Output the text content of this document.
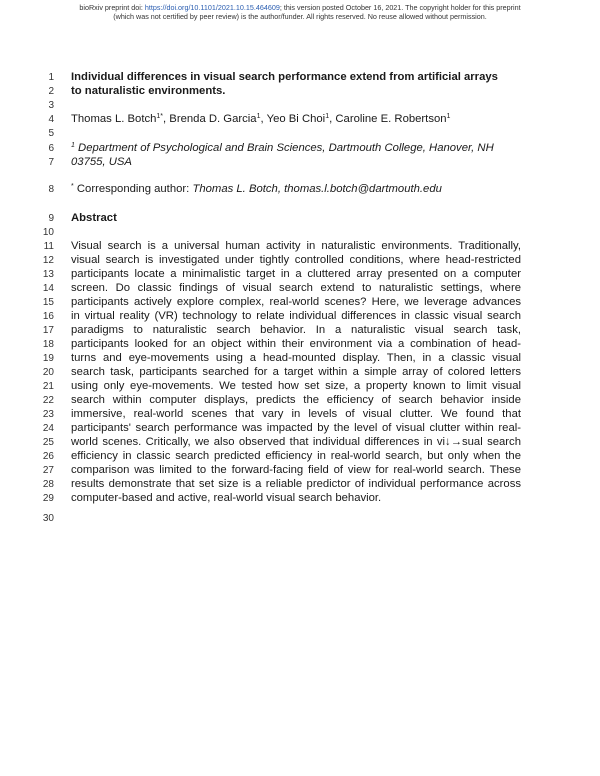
bioRxiv preprint doi: https://doi.org/10.1101/2021.10.15.464609; this version posted October 16, 2021. The copyright holder for this preprint
(which was not certified by peer review) is the author/funder. All rights reserved. No reuse allowed without permission.
1 Individual differences in visual search performance extend from artificial arrays
2 to naturalistic environments.
3
4 Thomas L. Botch$^{1*}$, Brenda D. Garcia$^1$, Yeo Bi Choi$^1$, Caroline E. Robertson$^1$
5
6 $^1$ Department of Psychological and Brain Sciences, Dartmouth College, Hanover, NH
7 03755, USA
8 * Corresponding author: Thomas L. Botch, thomas.l.botch@dartmouth.edu
9 Abstract
10
11 Visual search is a universal human activity in naturalistic environments. Traditionally,
12 visual search is investigated under tightly controlled conditions, where head-restricted
13 participants locate a minimalistic target in a cluttered array presented on a computer
14 screen. Do classic findings of visual search extend to naturalistic settings, where
15 participants actively explore complex, real-world scenes? Here, we leverage advances
16 in virtual reality (VR) technology to relate individual differences in classic visual search
17 paradigms to naturalistic search behavior. In a naturalistic visual search task,
18 participants looked for an object within their environment via a combination of head-
19 turns and eye-movements using a head-mounted display. Then, in a classic visual
20 search task, participants searched for a target within a simple array of colored letters
21 using only eye-movements. We tested how set size, a property known to limit visual
22 search within computer displays, predicts the efficiency of search behavior inside
23 immersive, real-world scenes that vary in levels of visual clutter. We found that
24 participants' search performance was impacted by the level of visual clutter within real-
25 world scenes. Critically, we also observed that individual differences in vi↓→sual search
26 efficiency in classic search predicted efficiency in real-world search, but only when the
27 comparison was limited to the forward-facing field of view for real-world search. These
28 results demonstrate that set size is a reliable predictor of individual performance across
29 computer-based and active, real-world visual search behavior.
30
